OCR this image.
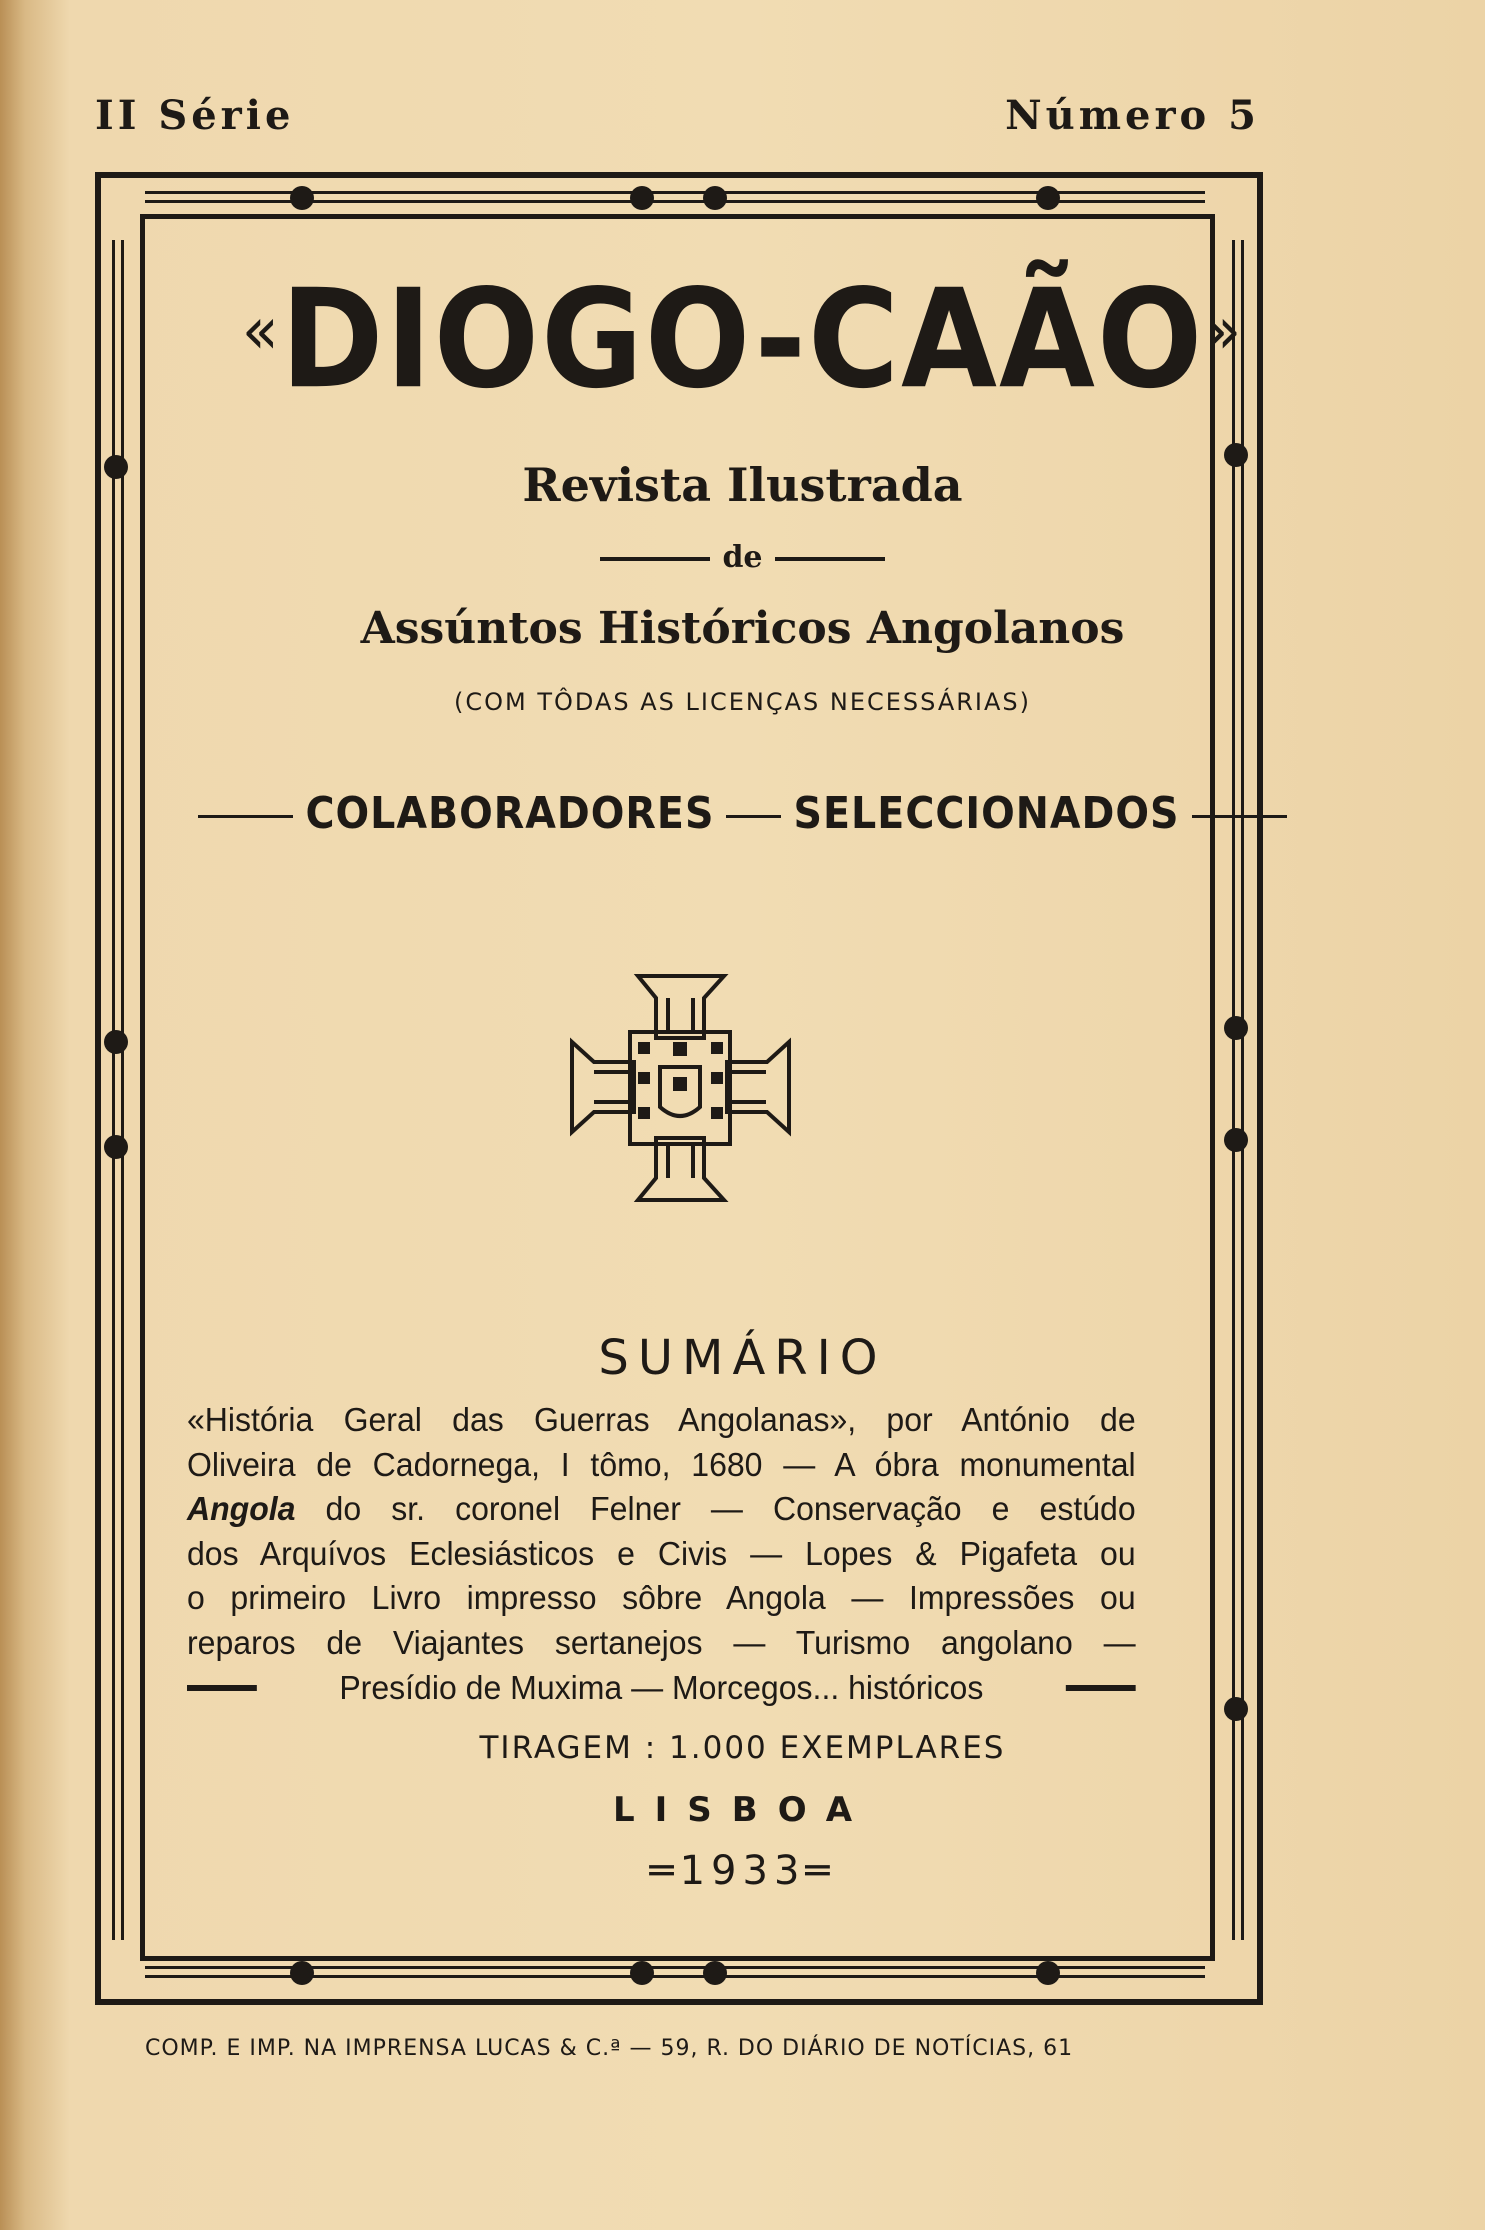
II Série	Número 5
«DIOGO-CAÃO»
Revista Ilustrada
de
Assúntos Históricos Angolanos
(COM TÔDAS AS LICENÇAS NECESSÁRIAS)
COLABORADORES SELECCIONADOS
SUMÁRIO
«História Geral das Guerras Angolanas», por António de
Oliveira de Cadornega, I tômo, 1680 — A óbra monumental
Angola do sr. coronel Felner — Conservação e estúdo
dos Arquívos Eclesiásticos e Civis — Lopes & Pigafeta ou
o primeiro Livro impresso sôbre Angola — Impressões ou
reparos de Viajantes sertanejos — Turismo angolano —
Presídio de Muxima — Morcegos... históricos
TIRAGEM : 1.000 EXEMPLARES
LISBOA
═1933═
COMP. E IMP. NA IMPRENSA LUCAS & C.ª — 59, R. DO DIÁRIO DE NOTÍCIAS, 61
